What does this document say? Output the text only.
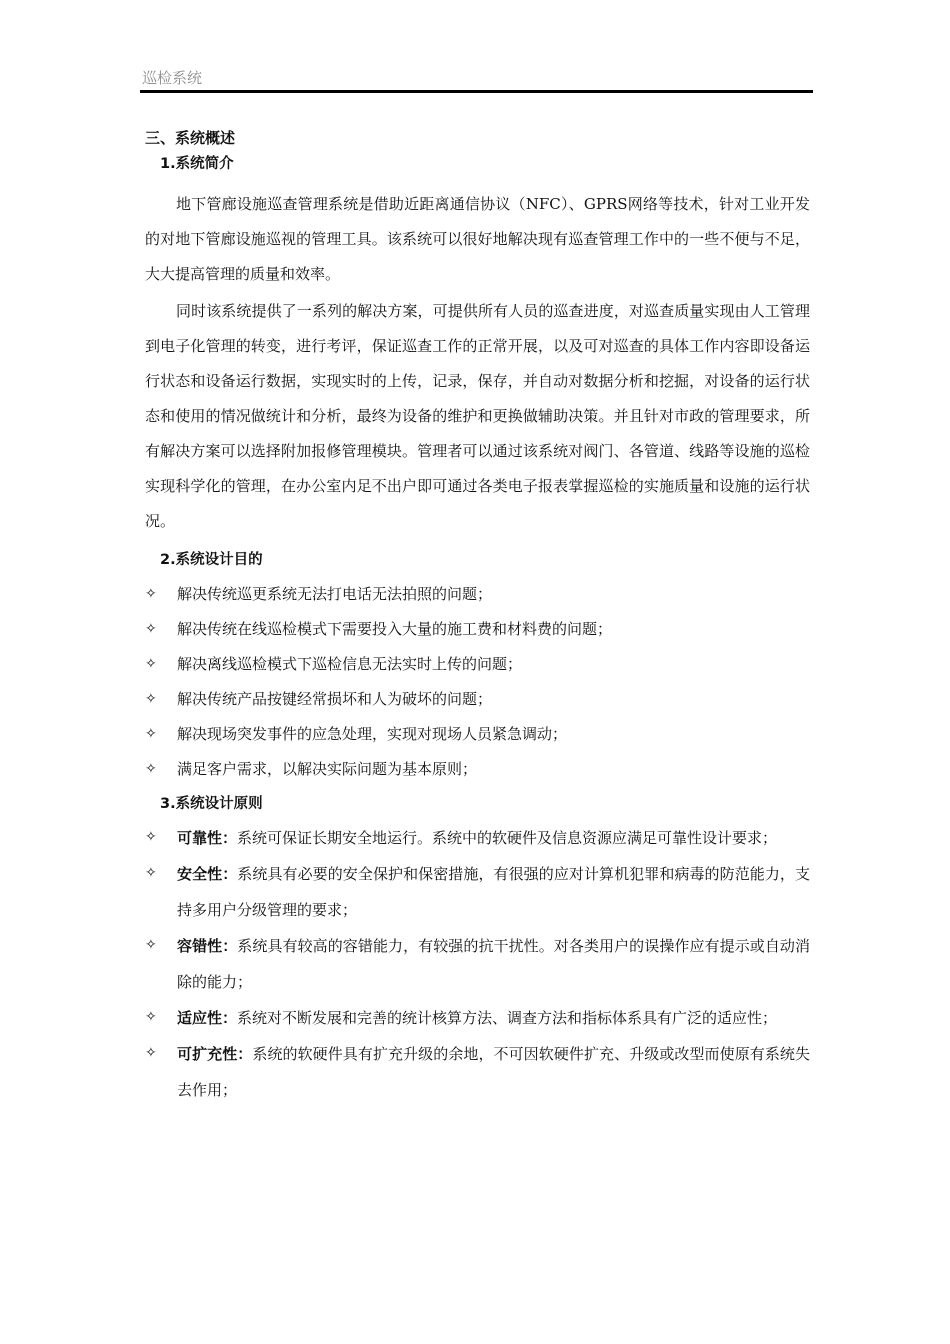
巡检系统
三、系统概述
1.系统简介

地下管廊设施巡查管理系统是借助近距离通信协议（NFC）、GPRS网络等技术，针对工业开发的对地下管廊设施巡视的管理工具。该系统可以很好地解决现有巡查管理工作中的一些不便与不足，大大提高管理的质量和效率。

同时该系统提供了一系列的解决方案，可提供所有人员的巡查进度，对巡查质量实现由人工管理到电子化管理的转变，进行考评，保证巡查工作的正常开展，以及可对巡查的具体工作内容即设备运行状态和设备运行数据，实现实时的上传，记录，保存，并自动对数据分析和挖掘，对设备的运行状态和使用的情况做统计和分析，最终为设备的维护和更换做辅助决策。并且针对市政的管理要求，所有解决方案可以选择附加报修管理模块。管理者可以通过该系统对阀门、各管道、线路等设施的巡检实现科学化的管理，在办公室内足不出户即可通过各类电子报表掌握巡检的实施质量和设施的运行状况。

2.系统设计目的
✧ 解决传统巡更系统无法打电话无法拍照的问题；
✧ 解决传统在线巡检模式下需要投入大量的施工费和材料费的问题；
✧ 解决离线巡检模式下巡检信息无法实时上传的问题；
✧ 解决传统产品按键经常损坏和人为破坏的问题；
✧ 解决现场突发事件的应急处理，实现对现场人员紧急调动；
✧ 满足客户需求，以解决实际问题为基本原则；
3.系统设计原则
✧ 可靠性：系统可保证长期安全地运行。系统中的软硬件及信息资源应满足可靠性设计要求；
✧ 安全性：系统具有必要的安全保护和保密措施，有很强的应对计算机犯罪和病毒的防范能力，支持多用户分级管理的要求；
✧ 容错性：系统具有较高的容错能力，有较强的抗干扰性。对各类用户的误操作应有提示或自动消除的能力；
✧ 适应性：系统对不断发展和完善的统计核算方法、调查方法和指标体系具有广泛的适应性；
✧ 可扩充性：系统的软硬件具有扩充升级的余地，不可因软硬件扩充、升级或改型而使原有系统失去作用；
